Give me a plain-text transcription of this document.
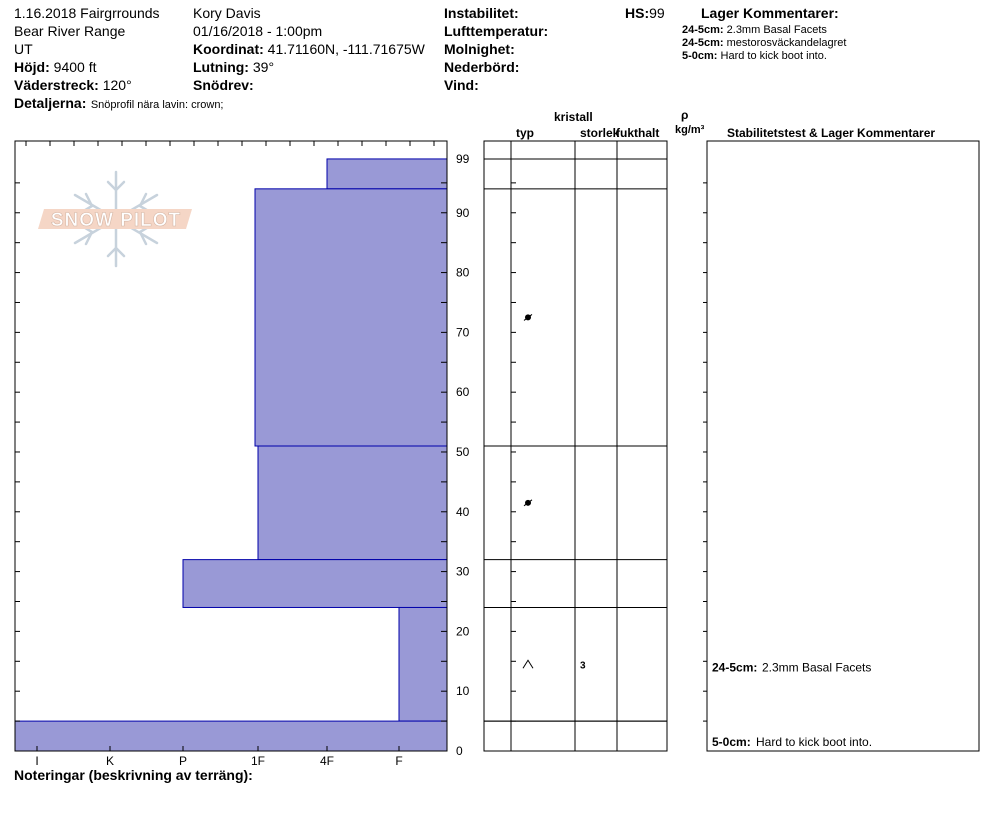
1.16.2018 Fairgrrounds
Bear River Range
UT
Höjd: 9400 ft
Väderstreck: 120°
Detaljerna: Snöprofil nära lavin: crown;
Kory Davis
01/16/2018 - 1:00pm
Koordinat: 41.71160N, -111.71675W
Lutning: 39°
Snödrev:
Instabilitet:
Lufttemperatur:
Molnighet:
Nederbörd:
Vind:
HS:99	Lager Kommentarer:
24-5cm: 2.3mm Basal Facets
24-5cm: mestorosväckandelagret
5-0cm: Hard to kick boot into.
kristall
typ	storlek
fukthalt
ρ
kg/m³ Stabilitetstest & Lager Kommentarer
SNOW PILOT
0
10
20
30
40
50
60
70
80
90
99
I	K	P	1F	4F	F
3	24-5cm: 2.3mm Basal Facets
5-0cm: Hard to kick boot into.
Noteringar (beskrivning av terräng):
